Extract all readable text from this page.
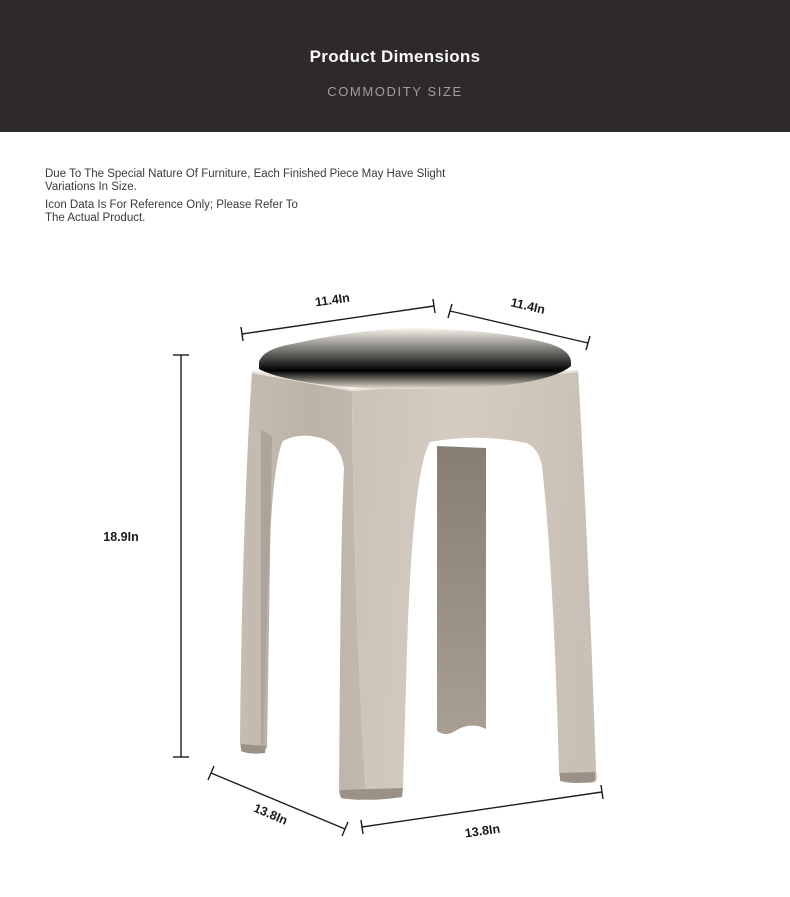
Product Dimensions

COMMODITY SIZE

Due To The Special Nature Of Furniture, Each Finished Piece May Have Slight
Variations In Size.

Icon Data Is For Reference Only; Please Refer To
The Actual Product.

11.4In	11.4In
18.9In
13.8In
13.8In
